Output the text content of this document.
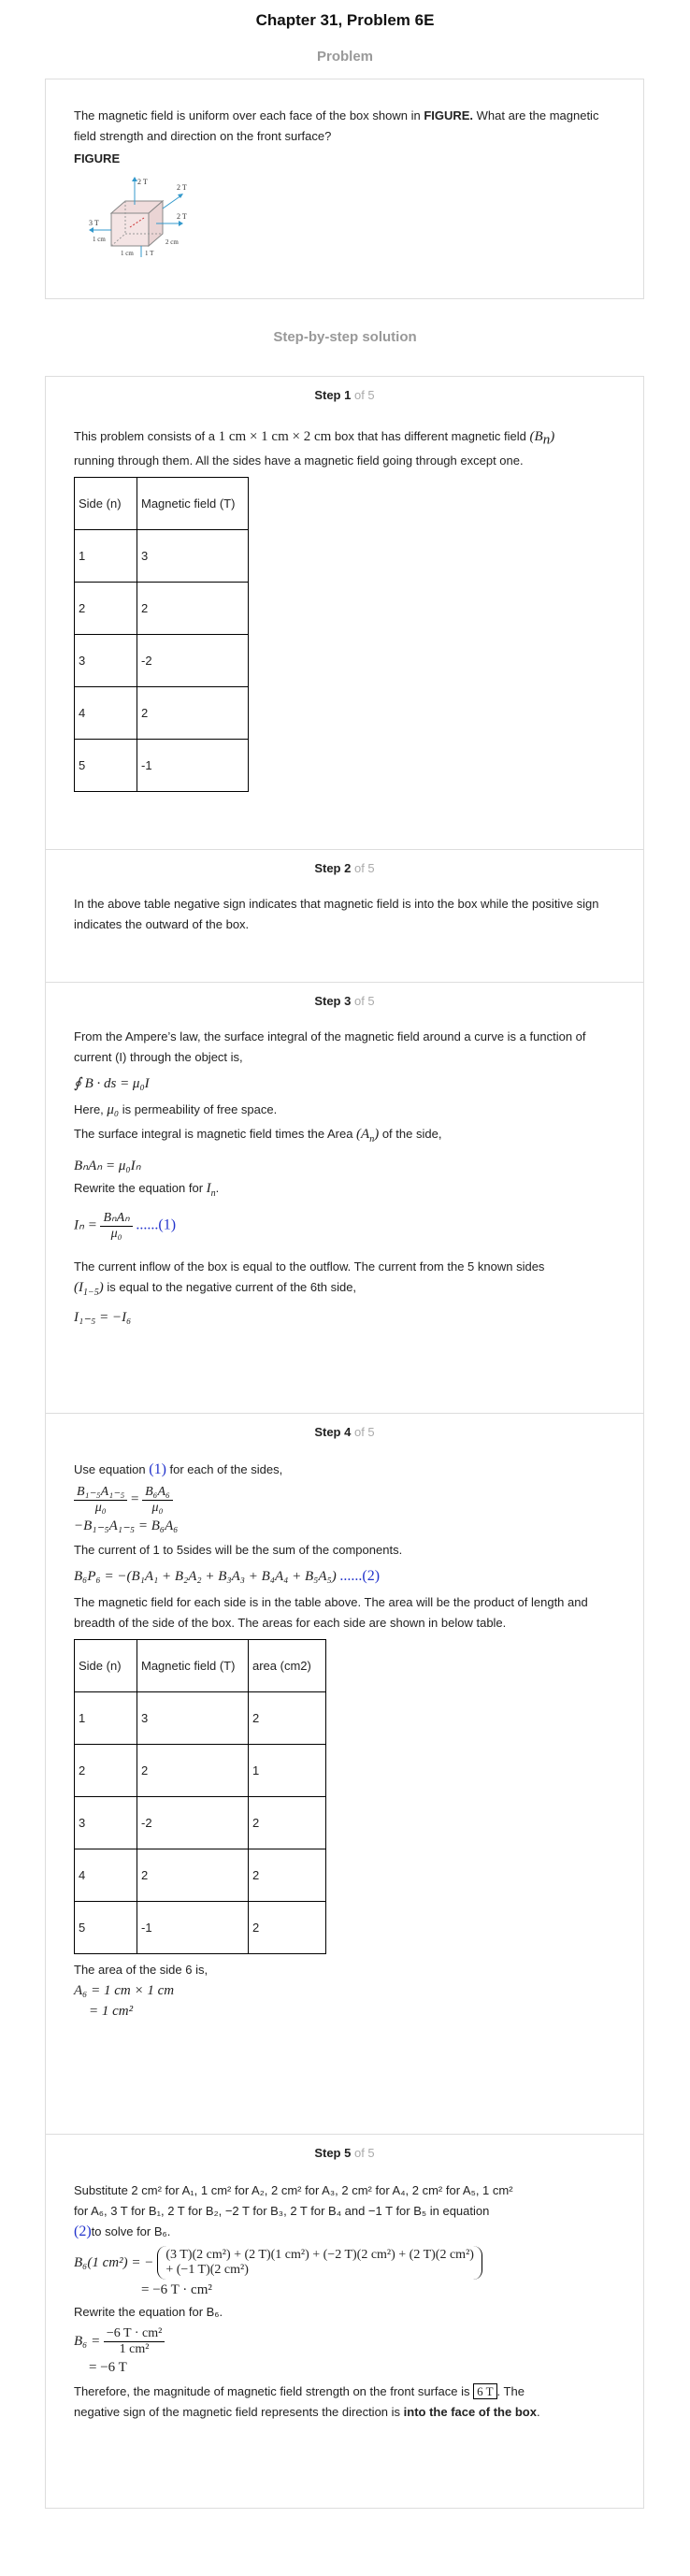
Chapter 31, Problem 6E
Problem

The magnetic field is uniform over each face of the box shown in FIGURE. What are the magnetic field strength and direction on the front surface?

FIGURE

2 T
2 T
2 T
3 T
1 cm	2 cm
1 cm 1 T
Step-by-step solution
Step 1 of 5

This problem consists of a 1 cm × 1 cm × 2 cm box that has different magnetic field $(B_n)$

running through them. All the sides have a magnetic field going through except one.

Side (n)	Magnetic field (T)
1	3
2	2
3	-2
4	2
5	-1
Step 2 of 5

In the above table negative sign indicates that magnetic field is into the box while the positive sign indicates the outward of the box.

Step 3 of 5

From the Ampere’s law, the surface integral of the magnetic field around a curve is a function of current (I) through the object is,

∮ B · ds = μ₀I

Here, μ₀ is permeability of free space.

The surface integral is magnetic field times the Area $(A_n)$ of the side,

BₙAₙ = μ₀Iₙ

Rewrite the equation for $I_n$.

$I_n = \frac{\text{BₙAₙ}}{\text{μ₀}} ......(1)$

The current inflow of the box is equal to the outflow. The current from the 5 known sides

$(I_{1-5})$ is equal to the negative current of the 6th side,

I₁₋₅ = −I₆

Step 4 of 5

Use equation (1) for each of the sides,

$\frac{\text{B₁₋₅A₁₋₅}}{\text{μ₀}} = \frac{\text{B₆A₆}}{\text{μ₀}}$

−B₁₋₅A₁₋₅ = B₆A₆

The current of 1 to 5sides will be the sum of the components.

B₆P₆ = −(B₁A₁ + B₂A₂ + B₃A₃ + B₄A₄ + B₅A₅) ......(2)

The magnetic field for each side is in the table above. The area will be the product of length and breadth of the side of the box. The areas for each side are shown in below table.

Side (n)	Magnetic field (T)	area (cm2)
1	3	2
2	2	1
3	-2	2
4	2	2
5	-1	2

The area of the side 6 is,

A₆ = 1 cm × 1 cm

= 1 cm²

Step 5 of 5

Substitute 2 cm² for A₁, 1 cm² for A₂, 2 cm² for A₃, 2 cm² for A₄, 2 cm² for A₅, 1 cm²

for A₆, 3 T for B₁, 2 T for B₂, −2 T for B₃, 2 T for B₄ and −1 T for B₅ in equation

(2)to solve for B₆.

B₆(1 cm²) = − (3 T)(2 cm²) + (2 T)(1 cm²) + (−2 T)(2 cm²) + (2 T)(2 cm²)
+ (−1 T)(2 cm²)

= −6 T · cm²

Rewrite the equation for B₆.

$B_6 = \frac{\text{−6 T · cm²}}{\text{1 cm²}}$

= −6 T

Therefore, the magnitude of magnetic field strength on the front surface is 6 T . The

negative sign of the magnetic field represents the direction is into the face of the box.
